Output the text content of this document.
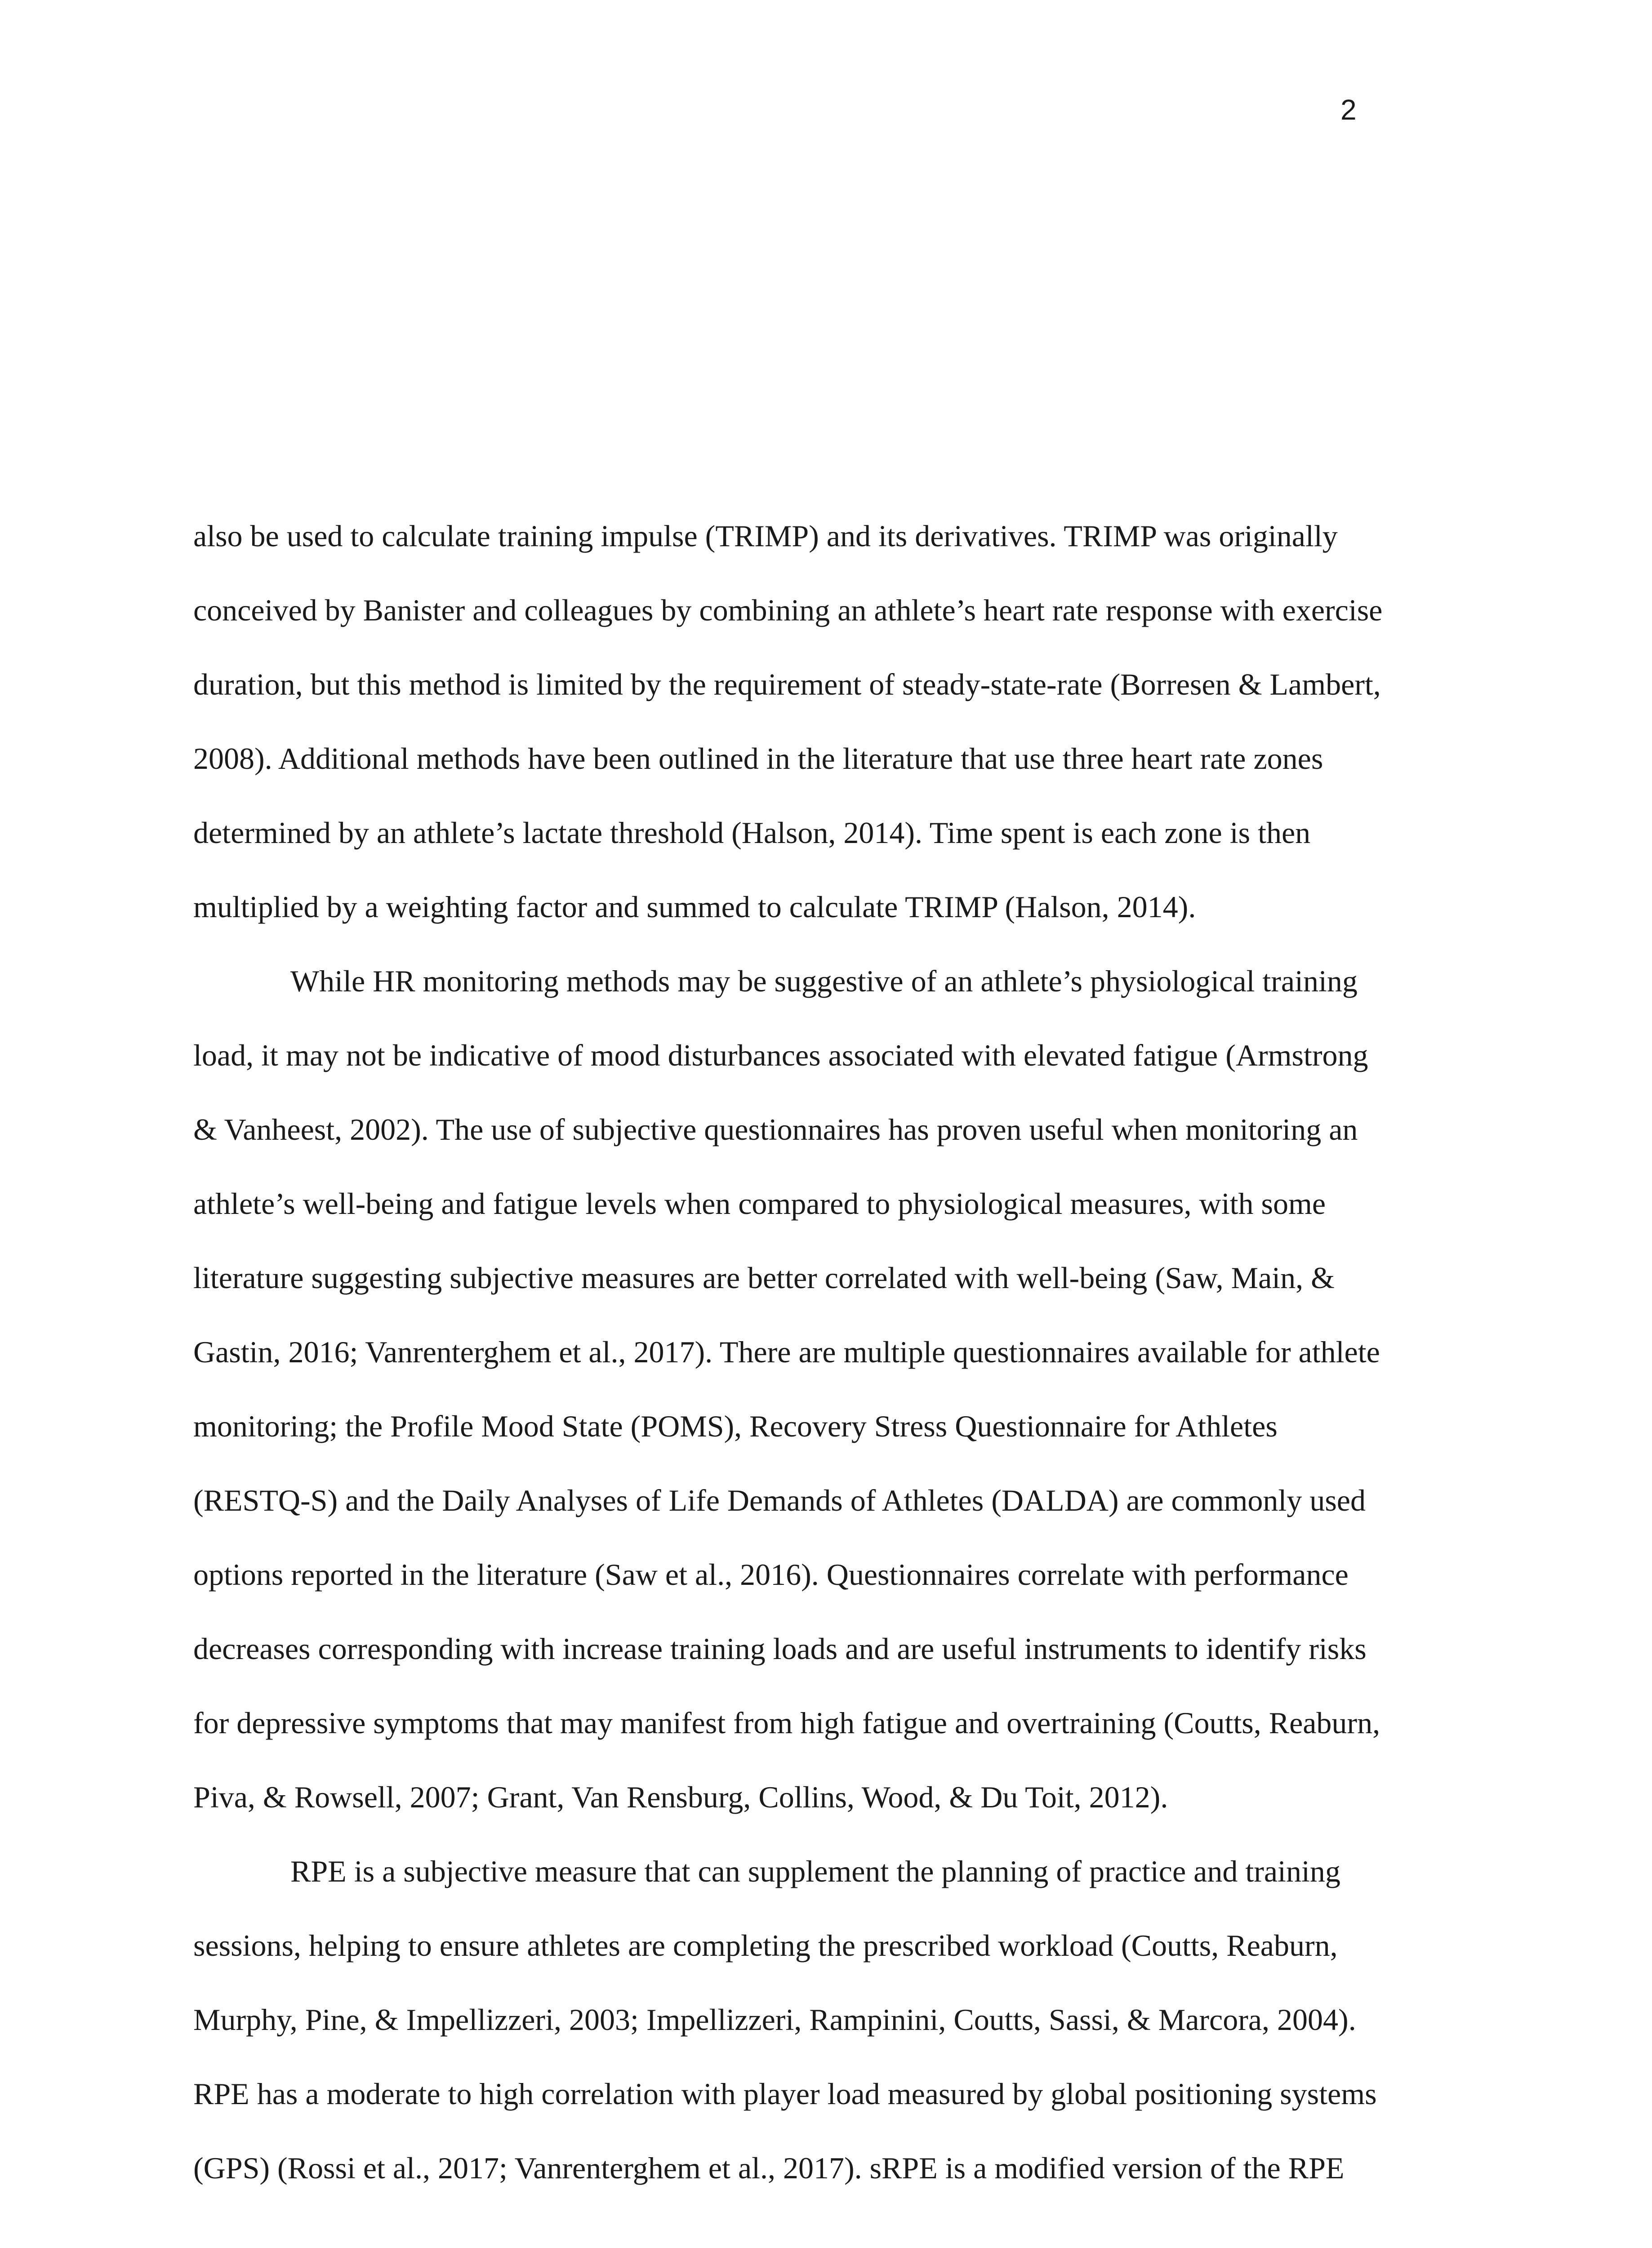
2
also be used to calculate training impulse (TRIMP) and its derivatives. TRIMP was originally
conceived by Banister and colleagues by combining an athlete’s heart rate response with exercise
duration, but this method is limited by the requirement of steady-state-rate (Borresen & Lambert,
2008). Additional methods have been outlined in the literature that use three heart rate zones
determined by an athlete’s lactate threshold (Halson, 2014). Time spent is each zone is then
multiplied by a weighting factor and summed to calculate TRIMP (Halson, 2014).
While HR monitoring methods may be suggestive of an athlete’s physiological training
load, it may not be indicative of mood disturbances associated with elevated fatigue (Armstrong
& Vanheest, 2002). The use of subjective questionnaires has proven useful when monitoring an
athlete’s well-being and fatigue levels when compared to physiological measures, with some
literature suggesting subjective measures are better correlated with well-being (Saw, Main, &
Gastin, 2016; Vanrenterghem et al., 2017). There are multiple questionnaires available for athlete
monitoring; the Profile Mood State (POMS), Recovery Stress Questionnaire for Athletes
(RESTQ-S) and the Daily Analyses of Life Demands of Athletes (DALDA) are commonly used
options reported in the literature (Saw et al., 2016). Questionnaires correlate with performance
decreases corresponding with increase training loads and are useful instruments to identify risks
for depressive symptoms that may manifest from high fatigue and overtraining (Coutts, Reaburn,
Piva, & Rowsell, 2007; Grant, Van Rensburg, Collins, Wood, & Du Toit, 2012).
RPE is a subjective measure that can supplement the planning of practice and training
sessions, helping to ensure athletes are completing the prescribed workload (Coutts, Reaburn,
Murphy, Pine, & Impellizzeri, 2003; Impellizzeri, Rampinini, Coutts, Sassi, & Marcora, 2004).
RPE has a moderate to high correlation with player load measured by global positioning systems
(GPS) (Rossi et al., 2017; Vanrenterghem et al., 2017). sRPE is a modified version of the RPE
